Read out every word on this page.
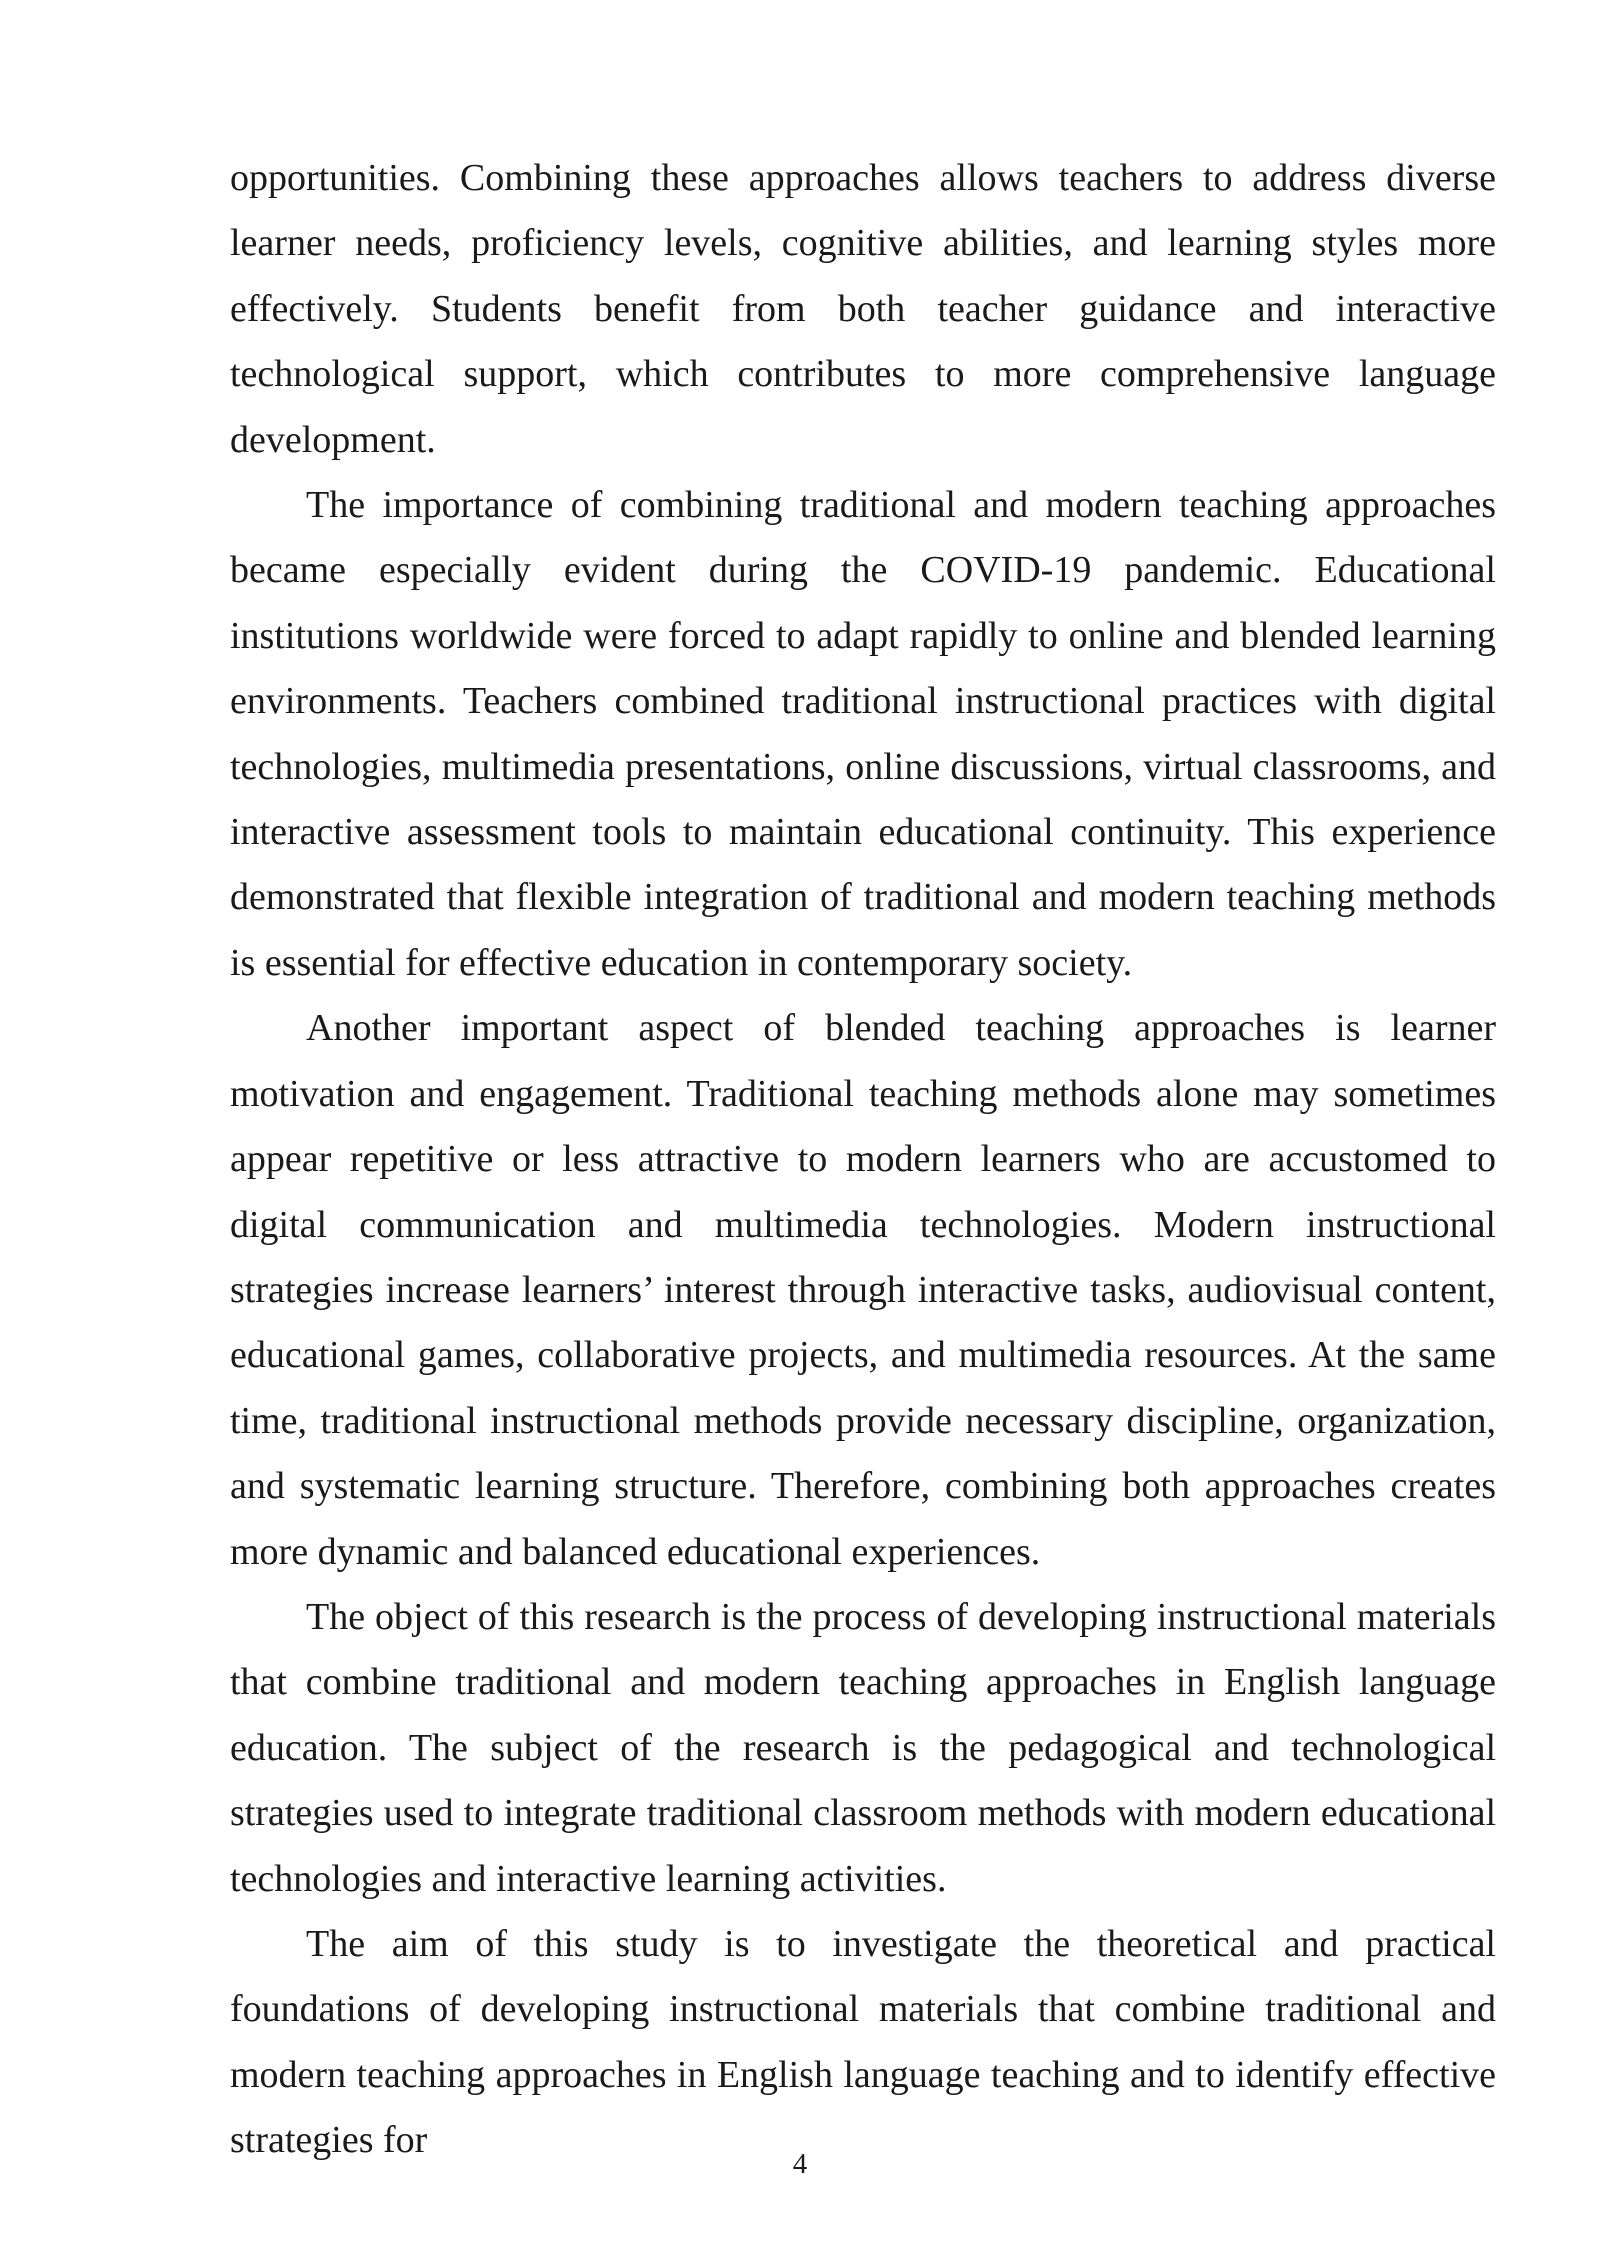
opportunities. Combining these approaches allows teachers to address diverse learner needs, proficiency levels, cognitive abilities, and learning styles more effectively. Students benefit from both teacher guidance and interactive technological support, which contributes to more comprehensive language development.

The importance of combining traditional and modern teaching approaches became especially evident during the COVID-19 pandemic. Educational institutions worldwide were forced to adapt rapidly to online and blended learning environments. Teachers combined traditional instructional practices with digital technologies, multimedia presentations, online discussions, virtual classrooms, and interactive assessment tools to maintain educational continuity. This experience demonstrated that flexible integration of traditional and modern teaching methods is essential for effective education in contemporary society.

Another important aspect of blended teaching approaches is learner motivation and engagement. Traditional teaching methods alone may sometimes appear repetitive or less attractive to modern learners who are accustomed to digital communication and multimedia technologies. Modern instructional strategies increase learners’ interest through interactive tasks, audiovisual content, educational games, collaborative projects, and multimedia resources. At the same time, traditional instructional methods provide necessary discipline, organization, and systematic learning structure. Therefore, combining both approaches creates more dynamic and balanced educational experiences.

The object of this research is the process of developing instructional materials that combine traditional and modern teaching approaches in English language education. The subject of the research is the pedagogical and technological strategies used to integrate traditional classroom methods with modern educational technologies and interactive learning activities.

The aim of this study is to investigate the theoretical and practical foundations of developing instructional materials that combine traditional and modern teaching approaches in English language teaching and to identify effective strategies for

4
